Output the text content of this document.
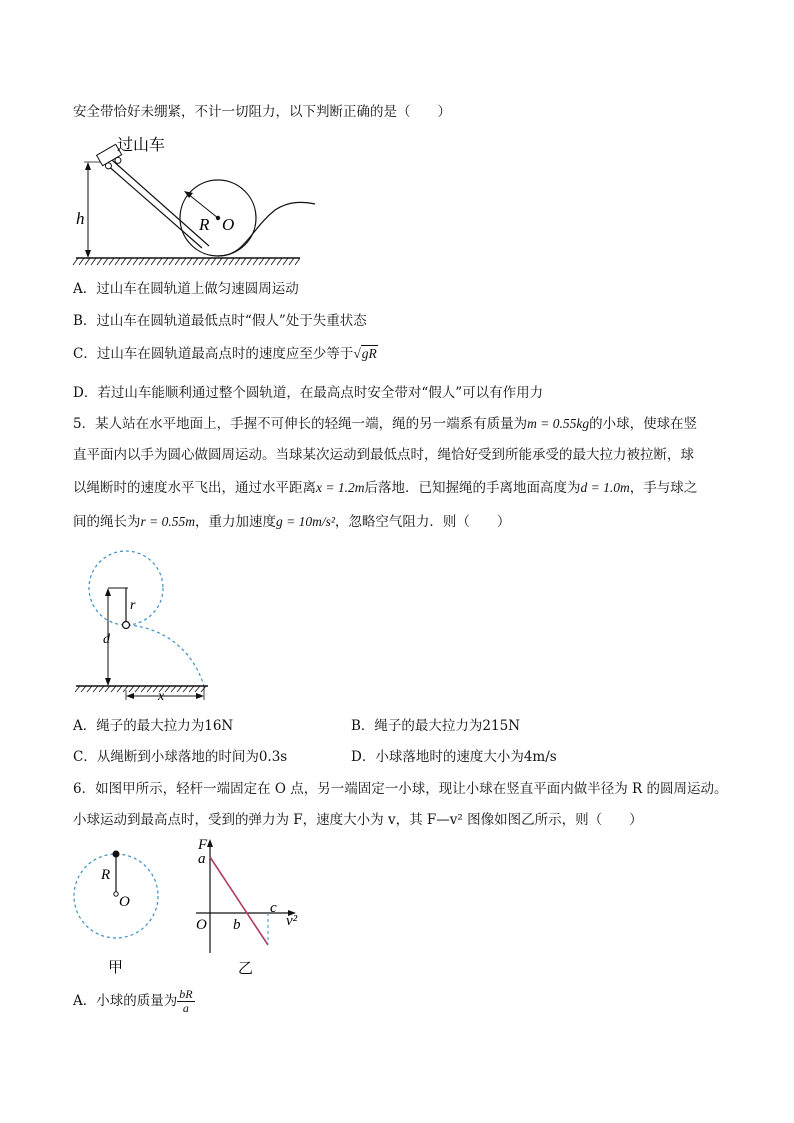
安全带恰好未绷紧，不计一切阻力，以下判断正确的是（　　）
h	R O
过山车
A．过山车在圆轨道上做匀速圆周运动
B．过山车在圆轨道最低点时“假人”处于失重状态
C．过山车在圆轨道最高点时的速度应至少等于√gR
D．若过山车能顺利通过整个圆轨道，在最高点时安全带对“假人”可以有作用力
5．某人站在水平地面上，手握不可伸长的轻绳一端，绳的另一端系有质量为m = 0.55kg的小球，使球在竖
直平面内以手为圆心做圆周运动。当球某次运动到最低点时，绳恰好受到所能承受的最大拉力被拉断，球
以绳断时的速度水平飞出，通过水平距离x = 1.2m后落地．已知握绳的手离地面高度为d = 1.0m，手与球之
间的绳长为r = 0.55m，重力加速度g = 10m/s²，忽略空气阻力．则（　　）
r
d
x
A．绳子的最大拉力为16N	B．绳子的最大拉力为215N
C．从绳断到小球落地的时间为0.3s	D．小球落地时的速度大小为4m/s
6．如图甲所示，轻杆一端固定在 O 点，另一端固定一小球，现让小球在竖直平面内做半径为 R 的圆周运动。
小球运动到最高点时，受到的弹力为 F，速度大小为 v，其 F—v² 图像如图乙所示，则（　　）
R
O
甲
F
a
O b
c
v²
乙
A．小球的质量为 $\frac{bR}{a}$
